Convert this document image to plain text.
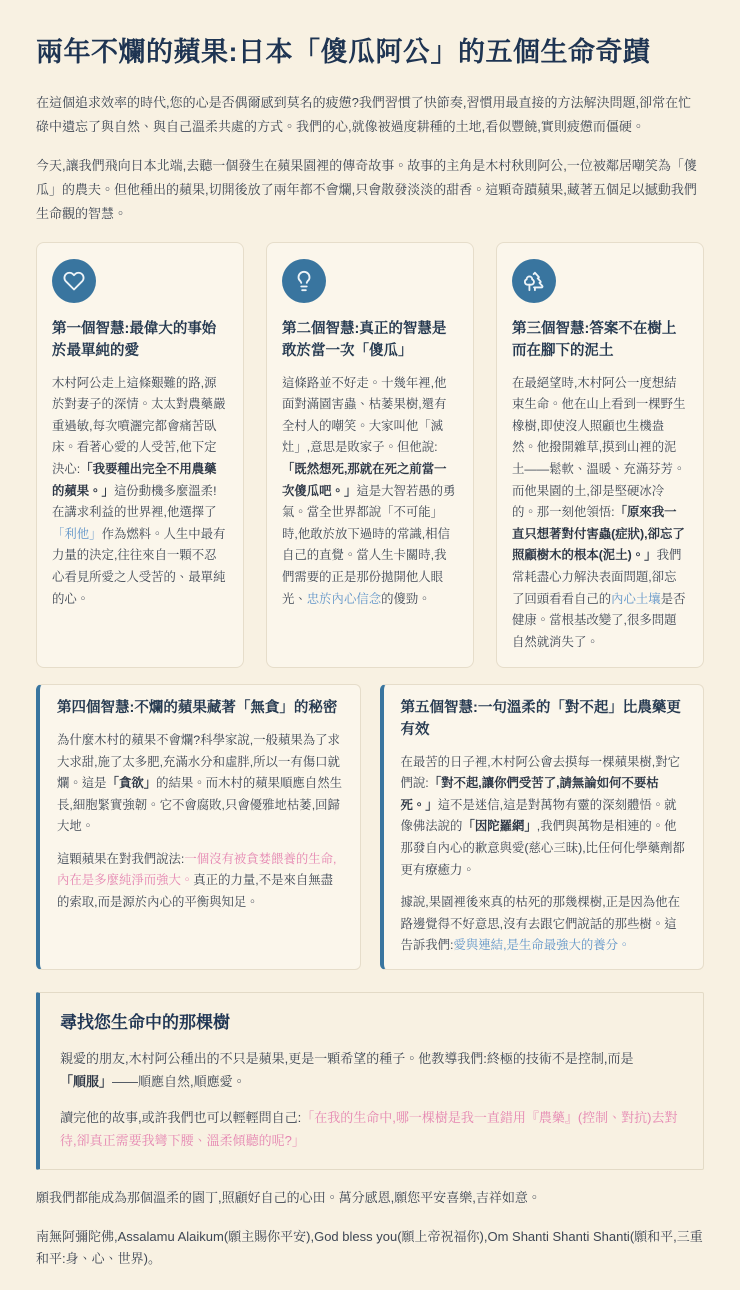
兩年不爛的蘋果:日本「傻瓜阿公」的五個生命奇蹟

在這個追求效率的時代,您的心是否偶爾感到莫名的疲憊?我們習慣了快節奏,習慣用最直接的方法解決問題,卻常在忙碌中遺忘了與自然、與自己溫柔共處的方式。我們的心,就像被過度耕種的土地,看似豐饒,實則疲憊而僵硬。

今天,讓我們飛向日本北端,去聽一個發生在蘋果園裡的傳奇故事。故事的主角是木村秋則阿公,一位被鄰居嘲笑為「傻瓜」的農夫。但他種出的蘋果,切開後放了兩年都不會爛,只會散發淡淡的甜香。這顆奇蹟蘋果,藏著五個足以撼動我們生命觀的智慧。

第一個智慧:最偉大的事始於最單純的愛

木村阿公走上這條艱難的路,源於對妻子的深情。太太對農藥嚴重過敏,每次噴灑完都會痛苦臥床。看著心愛的人受苦,他下定決心:「我要種出完全不用農藥的蘋果。」這份動機多麼溫柔!在講求利益的世界裡,他選擇了「利他」作為燃料。人生中最有力量的決定,往往來自一顆不忍心看見所愛之人受苦的、最單純的心。

第二個智慧:真正的智慧是敢於當一次「傻瓜」

這條路並不好走。十幾年裡,他面對滿園害蟲、枯萎果樹,還有全村人的嘲笑。大家叫他「滅灶」,意思是敗家子。但他說:「既然想死,那就在死之前當一次傻瓜吧。」這是大智若愚的勇氣。當全世界都說「不可能」時,他敢於放下過時的常識,相信自己的直覺。當人生卡關時,我們需要的正是那份拋開他人眼光、忠於內心信念的傻勁。

第三個智慧:答案不在樹上而在腳下的泥土

在最絕望時,木村阿公一度想結束生命。他在山上看到一棵野生橡樹,即使沒人照顧也生機盎然。他撥開雜草,摸到山裡的泥土——鬆軟、溫暖、充滿芬芳。而他果園的土,卻是堅硬冰冷的。那一刻他領悟:「原來我一直只想著對付害蟲(症狀),卻忘了照顧樹木的根本(泥土)。」我們常耗盡心力解決表面問題,卻忘了回頭看看自己的內心土壤是否健康。當根基改變了,很多問題自然就消失了。

第四個智慧:不爛的蘋果藏著「無貪」的秘密

為什麼木村的蘋果不會爛?科學家說,一般蘋果為了求大求甜,施了太多肥,充滿水分和虛胖,所以一有傷口就爛。這是「貪欲」的結果。而木村的蘋果順應自然生長,細胞緊實強韌。它不會腐敗,只會優雅地枯萎,回歸大地。

這顆蘋果在對我們說法:一個沒有被貪婪餵養的生命,內在是多麼純淨而強大。真正的力量,不是來自無盡的索取,而是源於內心的平衡與知足。

第五個智慧:一句溫柔的「對不起」比農藥更有效

在最苦的日子裡,木村阿公會去摸每一棵蘋果樹,對它們說:「對不起,讓你們受苦了,請無論如何不要枯死。」這不是迷信,這是對萬物有靈的深刻體悟。就像佛法說的「因陀羅網」,我們與萬物是相連的。他那發自內心的歉意與愛(慈心三昧),比任何化學藥劑都更有療癒力。

據說,果園裡後來真的枯死的那幾棵樹,正是因為他在路邊覺得不好意思,沒有去跟它們說話的那些樹。這告訴我們:愛與連結,是生命最強大的養分。

尋找您生命中的那棵樹

親愛的朋友,木村阿公種出的不只是蘋果,更是一顆希望的種子。他教導我們:終極的技術不是控制,而是「順服」——順應自然,順應愛。

讀完他的故事,或許我們也可以輕輕問自己:「在我的生命中,哪一棵樹是我一直錯用『農藥』(控制、對抗)去對待,卻真正需要我彎下腰、溫柔傾聽的呢?」

願我們都能成為那個溫柔的園丁,照顧好自己的心田。萬分感恩,願您平安喜樂,吉祥如意。

南無阿彌陀佛,Assalamu Alaikum(願主賜你平安),God bless you(願上帝祝福你),Om Shanti Shanti Shanti(願和平,三重和平:身、心、世界)。
